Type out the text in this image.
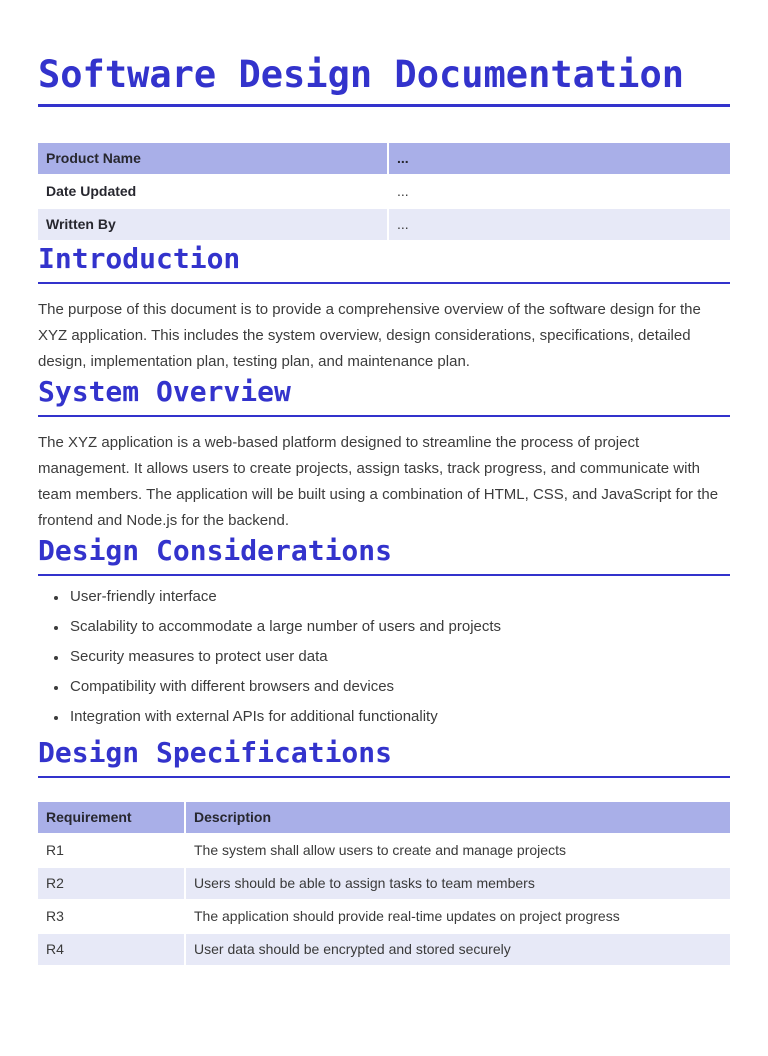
Software Design Documentation
Product Name	...
Date Updated	...
Written By	...
Introduction

The purpose of this document is to provide a comprehensive overview of the software design for the XYZ application. This includes the system overview, design considerations, specifications, detailed design, implementation plan, testing plan, and maintenance plan.

System Overview

The XYZ application is a web-based platform designed to streamline the process of project management. It allows users to create projects, assign tasks, track progress, and communicate with team members. The application will be built using a combination of HTML, CSS, and JavaScript for the frontend and Node.js for the backend.

Design Considerations
• User-friendly interface
• Scalability to accommodate a large number of users and projects
• Security measures to protect user data
• Compatibility with different browsers and devices
• Integration with external APIs for additional functionality
Design Specifications
Requirement	Description
R1	The system shall allow users to create and manage projects
R2	Users should be able to assign tasks to team members
R3	The application should provide real-time updates on project progress
R4	User data should be encrypted and stored securely
